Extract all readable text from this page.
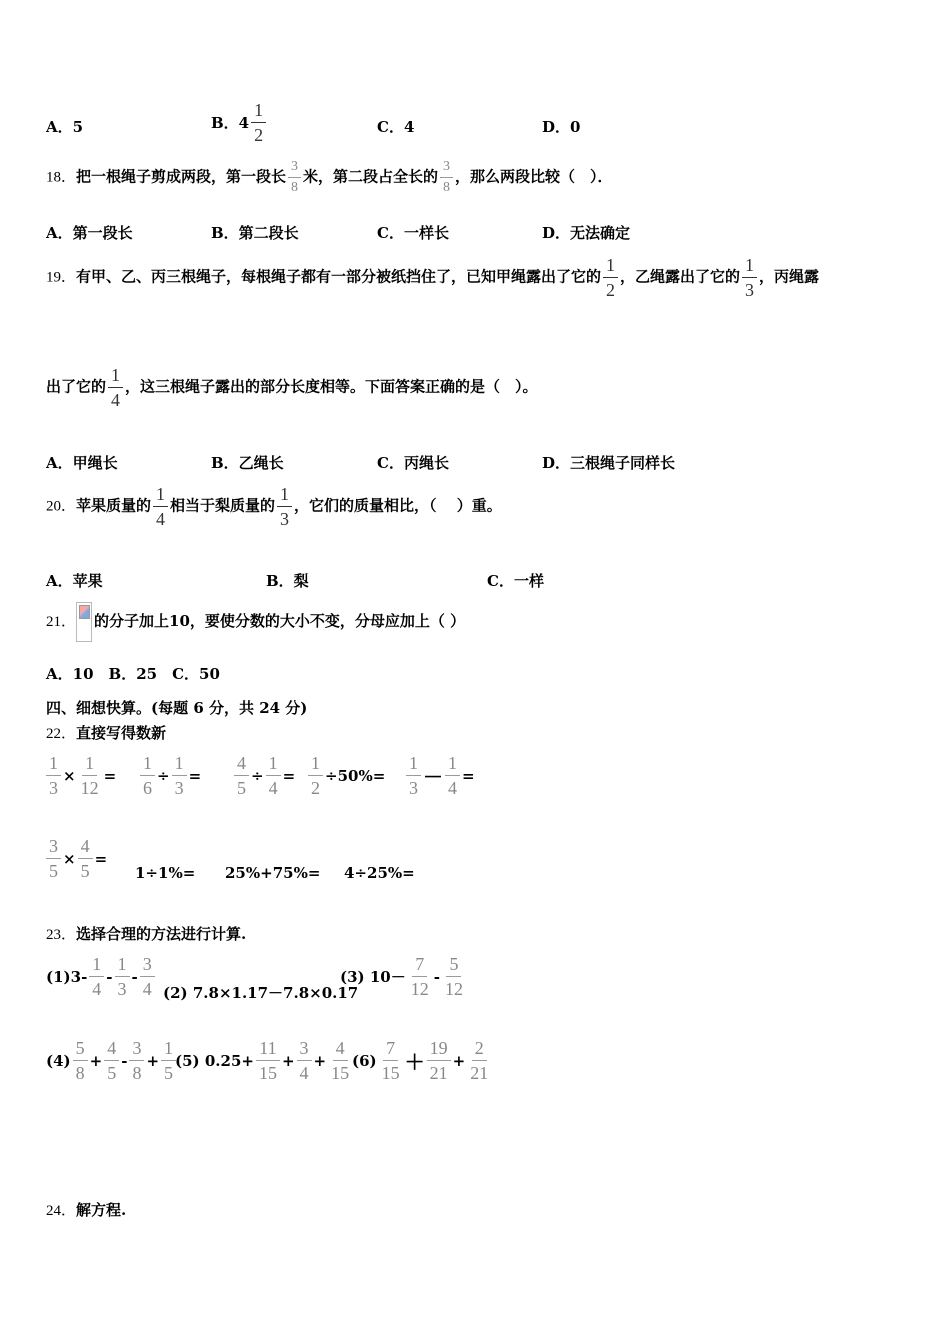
A．5	B．4
1
2	C．4	D．0
18．把一根绳子剪成两段，第一段长 $\frac{3}{8}$ 米，第二段占全长的 $\frac{3}{8}$ ，那么两段比较（　）．
A．第一段长	B．第二段长	C．一样长	D．无法确定
19．有甲、乙、丙三根绳子，每根绳子都有一部分被纸挡住了，已知甲绳露出了它的 $\frac{1}{2}$ ，乙绳露出了它的 $\frac{1}{3}$ ，丙绳露
出了它的 $\frac{1}{4}$ ，这三根绳子露出的部分长度相等。下面答案正确的是（　）。
A．甲绳长	B．乙绳长	C．丙绳长	D．三根绳子同样长
20．苹果质量的 $\frac{1}{4}$ 相当于梨质量的 $\frac{1}{3}$ ，它们的质量相比，（　 ）重。
A．苹果	B．梨	C．一样
21． 的分子加上10，要使分数的大小不变，分母应加上（ ）
A．10　B．25　C．50
四、细想快算。(每题 6 分，共 24 分)
22．直接写得数新
$\frac{1}{3} \times \frac{1}{12} = \frac{1}{6} \div \frac{1}{3} = \frac{4}{5} \div \frac{1}{4} = \frac{1}{2} \div 50\%= \frac{1}{3} - \frac{1}{4}$ =
$\frac{3}{5} \times \frac{4}{5}$ =
1÷1%= 25%+75%= 4÷25%=
23．选择合理的方法进行计算.
$(1)3- \frac{1}{4} - \frac{1}{3} - \frac{3}{4} (2)$ 7.8×1.17－7.8×0.17
(3) $10- \frac{7}{12} - \frac{5}{12}$
$(4) \frac{5}{8} + \frac{4}{5} - \frac{3}{8} + \frac{1}{5}$
(5) $0.25+ \frac{11}{15} + \frac{3}{4} + \frac{4}{15} (6) \frac{7}{15} + \frac{19}{21} + \frac{2}{21}$
24．解方程.
